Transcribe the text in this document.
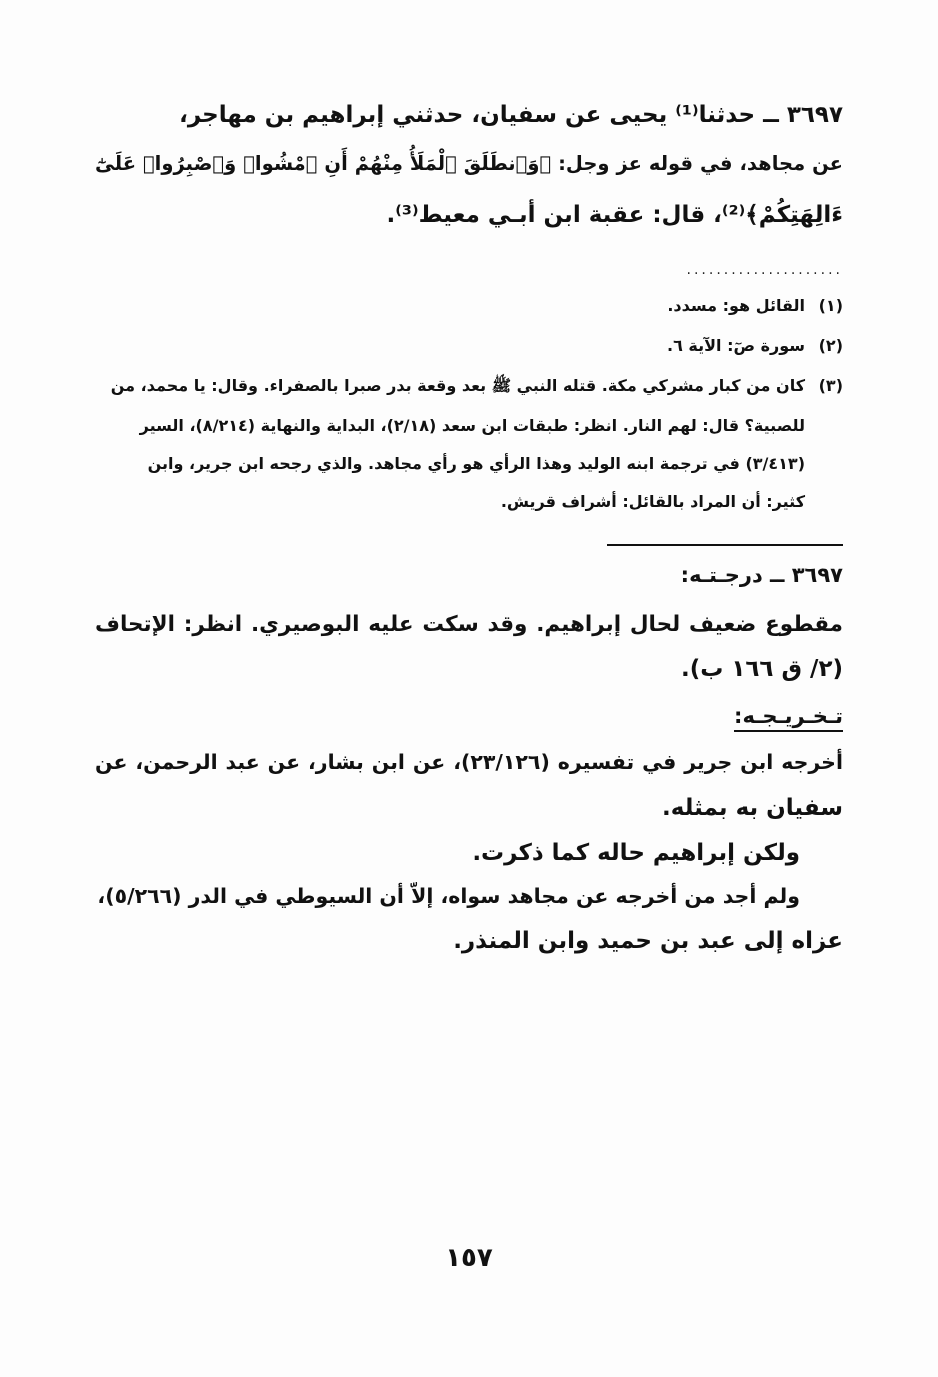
٣٦٩٧ ــ حدثنا⁽¹⁾ يحيى عن سفيان، حدثني إبراهيم بن مهاجر،
عن مجاهد، في قوله عز وجل: ﴿وَٱنطَلَقَ ٱلْمَلَأُ مِنْهُمْ أَنِ ٱمْشُوا۟ وَٱصْبِرُوا۟ عَلَىٰٓ
ءَالِهَتِكُمْ﴾⁽²⁾، قال: عقبة ابن أبـي معيط⁽³⁾.
.....................
(١)القائل هو: مسدد.
(٢)سورة صٓ: الآية ٦.
(٣)كان من كبار مشركي مكة. قتله النبي ﷺ بعد وقعة بدر صبرا بالصفراء. وقال: يا محمد، من
للصبية؟ قال: لهم النار. انظر: طبقات ابن سعد (٢/١٨)، البداية والنهاية (٨/٢١٤)، السير
(٣/٤١٣) في ترجمة ابنه الوليد وهذا الرأي هو رأي مجاهد. والذي رجحه ابن جرير، وابن
كثير: أن المراد بالقائل: أشراف قريش.
٣٦٩٧ ــ درجـتـه:
مقطوع ضعيف لحال إبراهيم. وقد سكت عليه البوصيري. انظر: الإتحاف
(٢/ ق ١٦٦ ب).
تـخـريـجـه:
أخرجه ابن جرير في تفسيره (٢٣/١٢٦)، عن ابن بشار، عن عبد الرحمن، عن
سفيان به بمثله.
ولكن إبراهيم حاله كما ذكرت.
ولم أجد من أخرجه عن مجاهد سواه، إلاّ أن السيوطي في الدر (٥/٢٦٦)،
عزاه إلى عبد بن حميد وابن المنذر.
١٥٧
